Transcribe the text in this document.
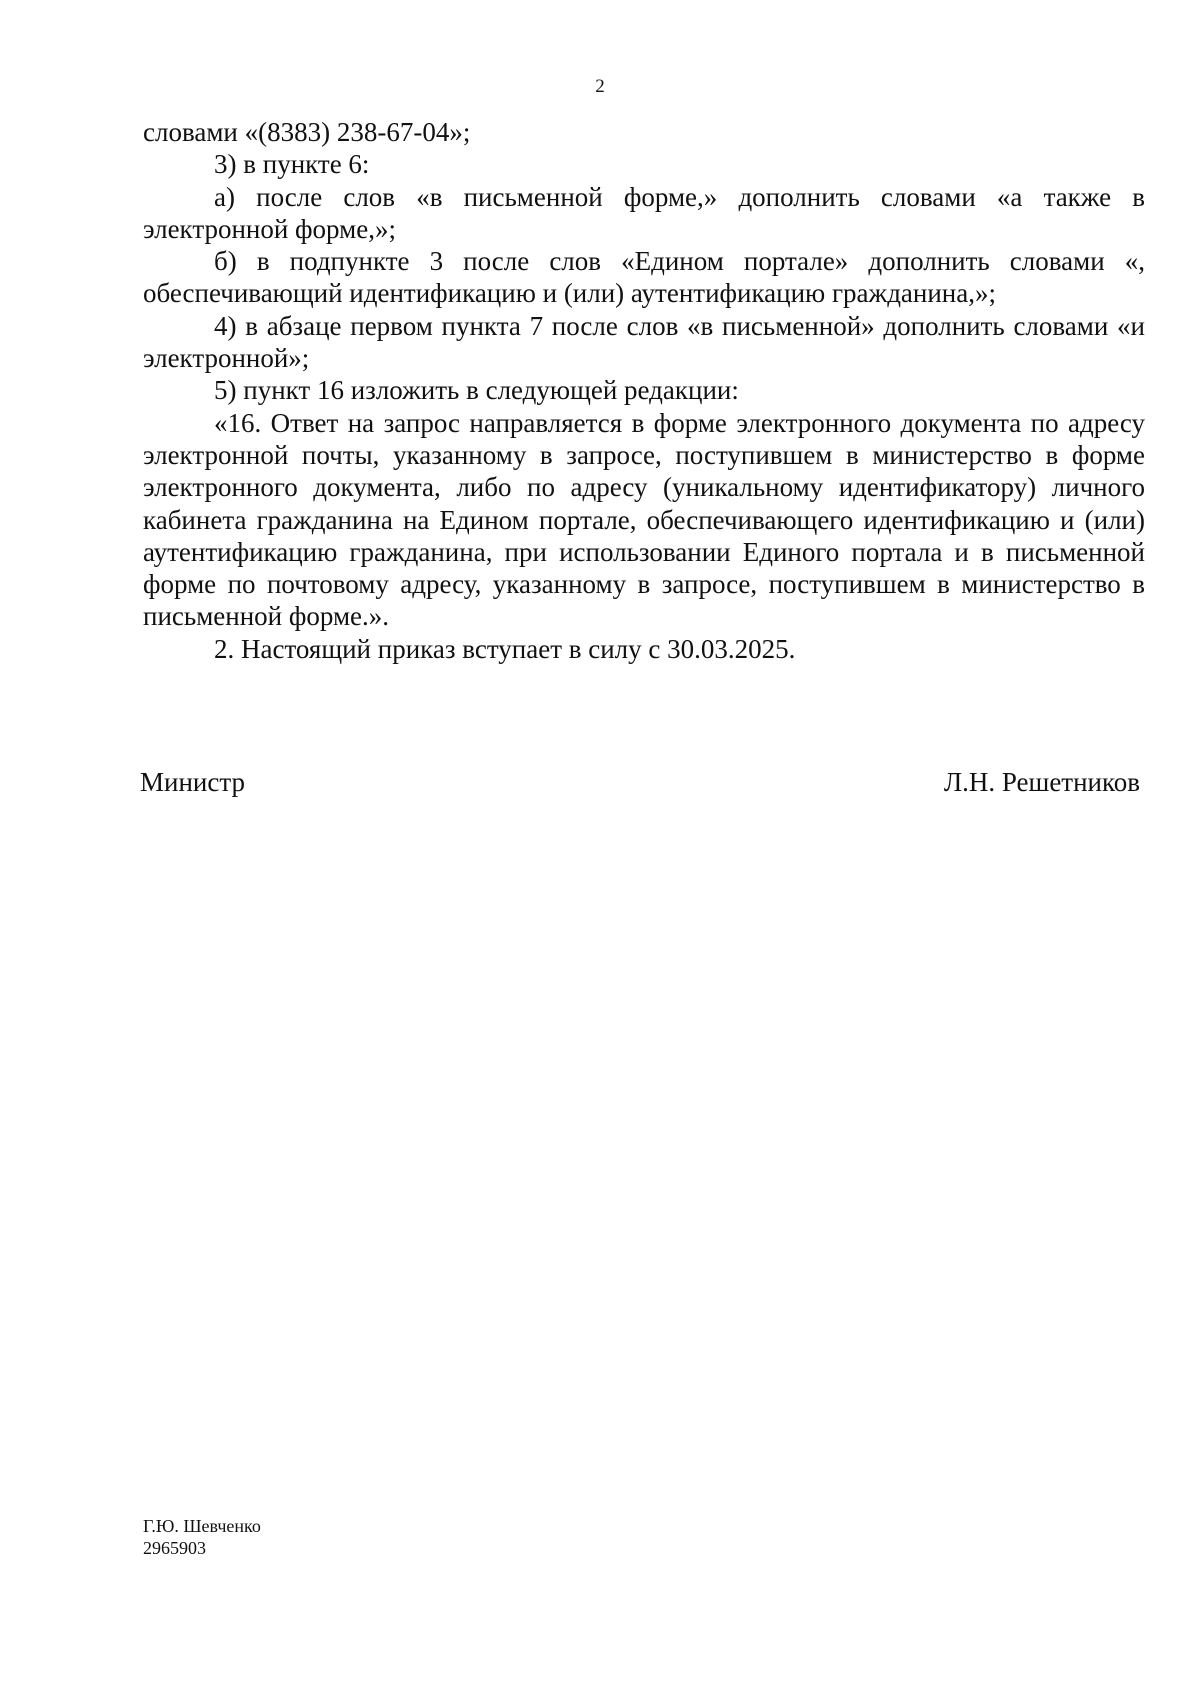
2

словами «(8383) 238-67-04»;

3) в пункте 6:

а) после слов «в письменной форме,» дополнить словами «а также в электронной форме,»;

б) в подпункте 3 после слов «Едином портале» дополнить словами «, обеспечивающий идентификацию и (или) аутентификацию гражданина,»;

4) в абзаце первом пункта 7 после слов «в письменной» дополнить словами «и электронной»;

5) пункт 16 изложить в следующей редакции:

«16. Ответ на запрос направляется в форме электронного документа по адресу электронной почты, указанному в запросе, поступившем в министерство в форме электронного документа, либо по адресу (уникальному идентификатору) личного кабинета гражданина на Едином портале, обеспечивающего идентификацию и (или) аутентификацию гражданина, при использовании Единого портала и в письменной форме по почтовому адресу, указанному в запросе, поступившем в министерство в письменной форме.».

2. Настоящий приказ вступает в силу с 30.03.2025.

Министр	Л.Н. Решетников
Г.Ю. Шевченко
2965903
